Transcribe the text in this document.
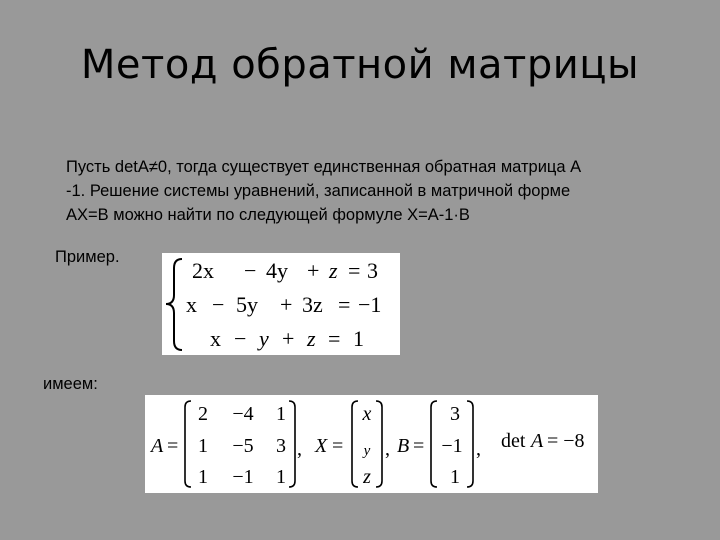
Метод обратной матрицы
Пусть detA≠0, тогда существует единственная обратная матрица А
-1. Решение системы уравнений, записанной в матричной форме
АХ=В можно найти по следующей формуле Х=А-1·В
Пример.
2x − 4y + z = 3
x − 5y + 3z = −1
x − y + z = 1
имеем:
A =
2 −4 1
1 −5 3
1 −1 1
, X =
x
y
z
, B =
3
−1
1
, det A = −8
